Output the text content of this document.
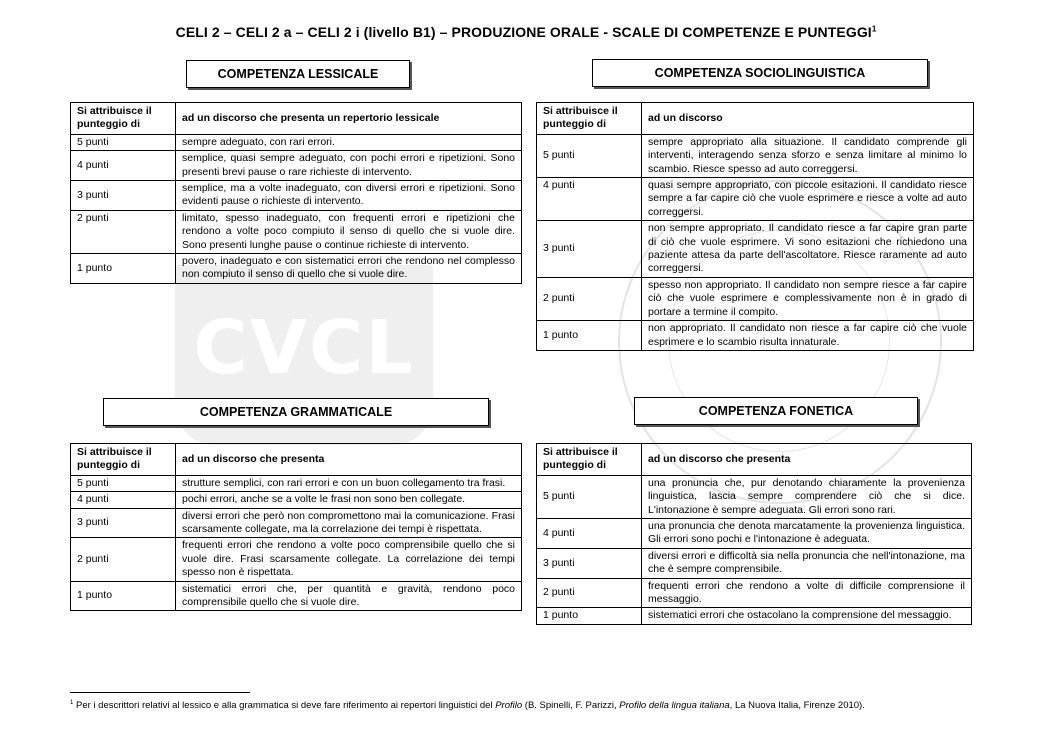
CVCL
CELI 2 – CELI 2 a – CELI 2 i (livello B1) – PRODUZIONE ORALE - SCALE DI COMPETENZE E PUNTEGGI$^1$
COMPETENZA LESSICALE
Si attribuisce il punteggio di	ad un discorso che presenta un repertorio lessicale
5 punti	sempre adeguato, con rari errori.
4 punti	semplice, quasi sempre adeguato, con pochi errori e ripetizioni. Sono presenti brevi pause o rare richieste di intervento.
3 punti	semplice, ma a volte inadeguato, con diversi errori e ripetizioni. Sono evidenti pause o richieste di intervento.
2 punti	limitato, spesso inadeguato, con frequenti errori e ripetizioni che rendono a volte poco compiuto il senso di quello che si vuole dire. Sono presenti lunghe pause o continue richieste di intervento.
1 punto	povero, inadeguato e con sistematici errori che rendono nel complesso non compiuto il senso di quello che si vuole dire.
COMPETENZA SOCIOLINGUISTICA
Si attribuisce il punteggio di	ad un discorso
5 punti	sempre appropriato alla situazione. Il candidato comprende gli interventi, interagendo senza sforzo e senza limitare al minimo lo scambio. Riesce spesso ad auto correggersi.
4 punti	quasi sempre appropriato, con piccole esitazioni. Il candidato riesce sempre a far capire ciò che vuole esprimere e riesce a volte ad auto correggersi.
3 punti	non sempre appropriato. Il candidato riesce a far capire gran parte di ciò che vuole esprimere. Vi sono esitazioni che richiedono una paziente attesa da parte dell'ascoltatore. Riesce raramente ad auto correggersi.
2 punti	spesso non appropriato. Il candidato non sempre riesce a far capire ciò che vuole esprimere e complessivamente non è in grado di portare a termine il compito.
1 punto	non appropriato. Il candidato non riesce a far capire ciò che vuole esprimere e lo scambio risulta innaturale.
COMPETENZA GRAMMATICALE
Si attribuisce il punteggio di	ad un discorso che presenta
5 punti	strutture semplici, con rari errori e con un buon collegamento tra frasi.
4 punti	pochi errori, anche se a volte le frasi non sono ben collegate.
3 punti	diversi errori che però non compromettono mai la comunicazione. Frasi scarsamente collegate, ma la correlazione dei tempi è rispettata.
2 punti	frequenti errori che rendono a volte poco comprensibile quello che si vuole dire. Frasi scarsamente collegate. La correlazione dei tempi spesso non è rispettata.
1 punto	sistematici errori che, per quantità e gravità, rendono poco comprensibile quello che si vuole dire.
COMPETENZA FONETICA
Si attribuisce il punteggio di	ad un discorso che presenta
5 punti	una pronuncia che, pur denotando chiaramente la provenienza linguistica, lascia sempre comprendere ciò che si dice. L'intonazione è sempre adeguata. Gli errori sono rari.
4 punti	una pronuncia che denota marcatamente la provenienza linguistica. Gli errori sono pochi e l'intonazione è adeguata.
3 punti	diversi errori e difficoltà sia nella pronuncia che nell'intonazione, ma che è sempre comprensibile.
2 punti	frequenti errori che rendono a volte di difficile comprensione il messaggio.
1 punto	sistematici errori che ostacolano la comprensione del messaggio.
$^1$ Per i descrittori relativi al lessico e alla grammatica si deve fare riferimento ai repertori linguistici del Profilo (B. Spinelli, F. Parizzi, Profilo della lingua italiana, La Nuova Italia, Firenze 2010).
